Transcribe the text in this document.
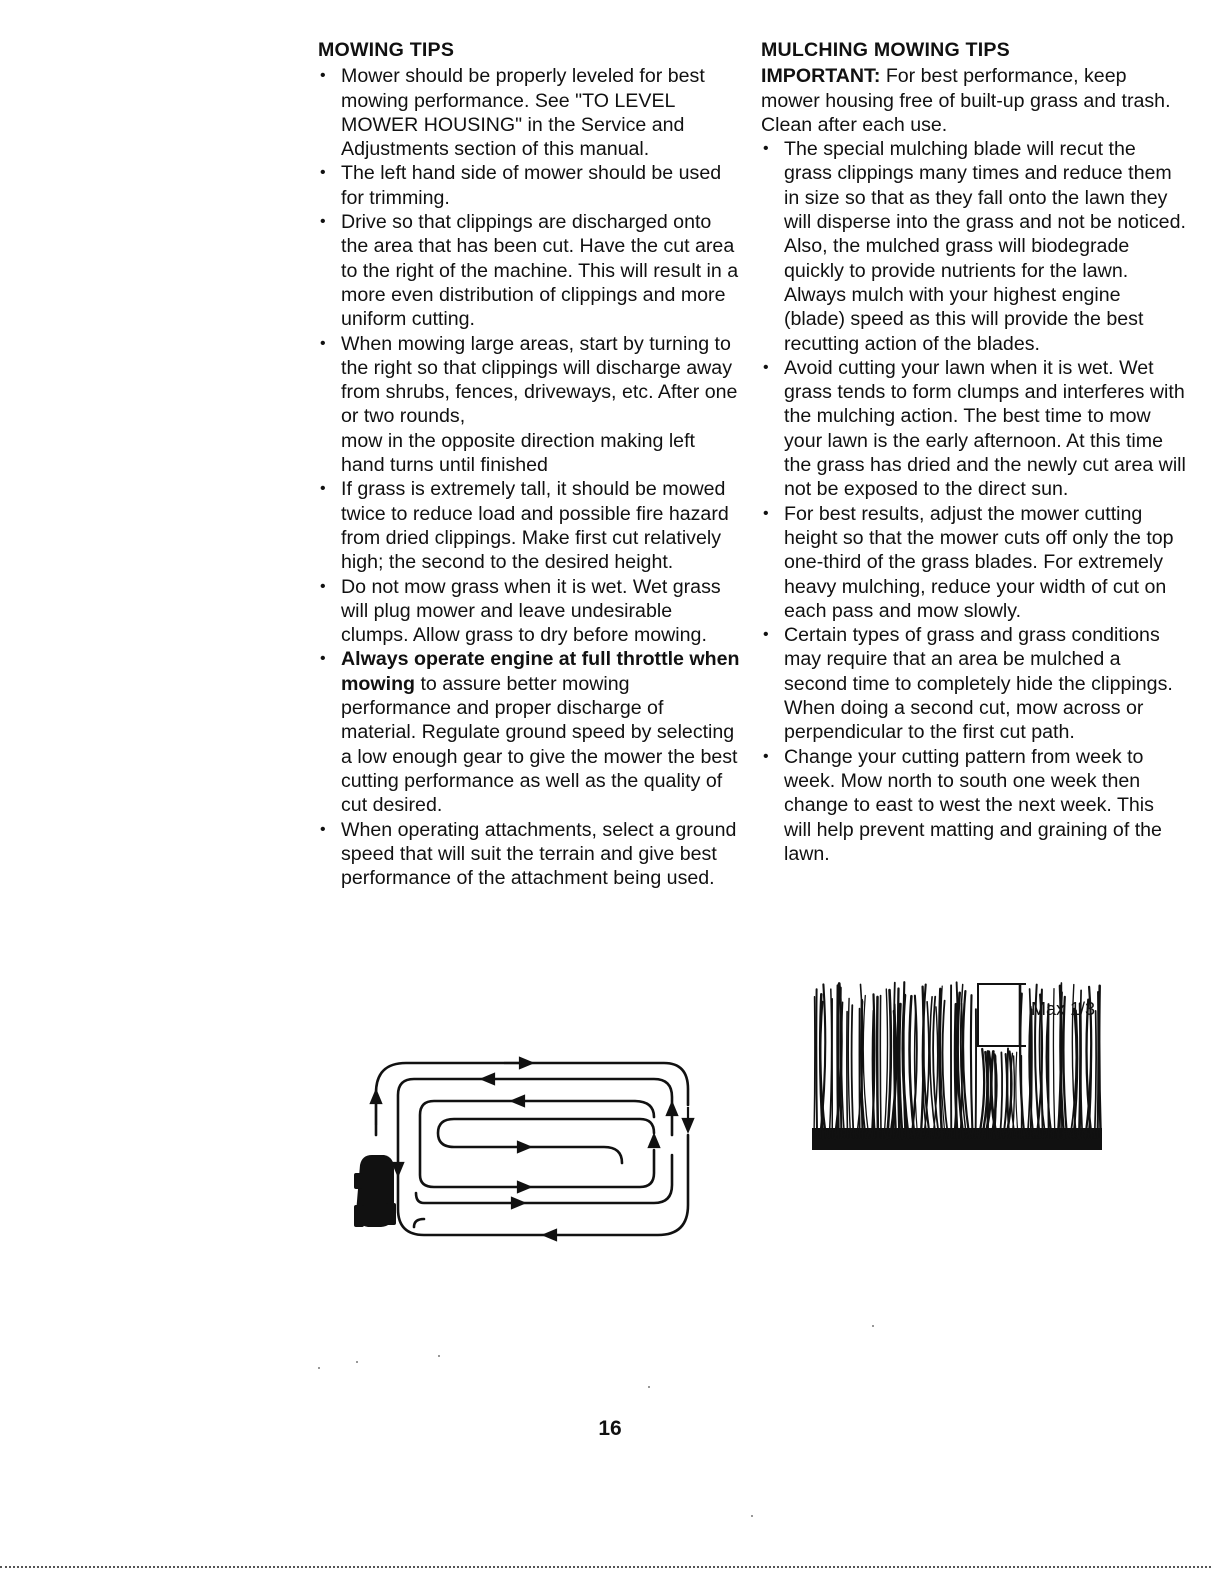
MOWING TIPS
• Mower should be properly leveled for best mowing performance. See "TO LEVEL MOWER HOUSING" in the Service and Adjustments section of this manual.
• The left hand side of mower should be used for trimming.
• Drive so that clippings are discharged onto the area that has been cut. Have the cut area to the right of the machine. This will result in a more even distribution of clippings and more uniform cutting.
• When mowing large areas, start by turning to the right so that clippings will discharge away from shrubs, fences, driveways, etc. After one or two rounds,
mow in the opposite direction making left hand turns until finished
• If grass is extremely tall, it should be mowed twice to reduce load and possible fire hazard from dried clippings. Make first cut relatively high; the second to the desired height.
• Do not mow grass when it is wet. Wet grass will plug mower and leave undesirable clumps. Allow grass to dry before mowing.
• Always operate engine at full throttle when mowing to assure better mowing performance and proper discharge of material. Regulate ground speed by selecting a low enough gear to give the mower the best cutting performance as well as the quality of cut desired.
• When operating attachments, select a ground speed that will suit the terrain and give best performance of the attachment being used.
MULCHING MOWING TIPS

IMPORTANT: For best performance, keep mower housing free of built-up grass and trash. Clean after each use.

• The special mulching blade will recut the grass clippings many times and reduce them in size so that as they fall onto the lawn they will disperse into the grass and not be noticed. Also, the mulched grass will biodegrade quickly to provide nutrients for the lawn. Always mulch with your highest engine (blade) speed as this will provide the best recutting action of the blades.
• Avoid cutting your lawn when it is wet. Wet grass tends to form clumps and interferes with the mulching action. The best time to mow your lawn is the early afternoon. At this time the grass has dried and the newly cut area will not be exposed to the direct sun.
• For best results, adjust the mower cutting height so that the mower cuts off only the top one-third of the grass blades. For extremely heavy mulching, reduce your width of cut on each pass and mow slowly.
• Certain types of grass and grass conditions may require that an area be mulched a second time to completely hide the clippings. When doing a second cut, mow across or perpendicular to the first cut path.
• Change your cutting pattern from week to week. Mow north to south one week then change to east to west the next week. This will help prevent matting and graining of the lawn.
Max 1/3
16
